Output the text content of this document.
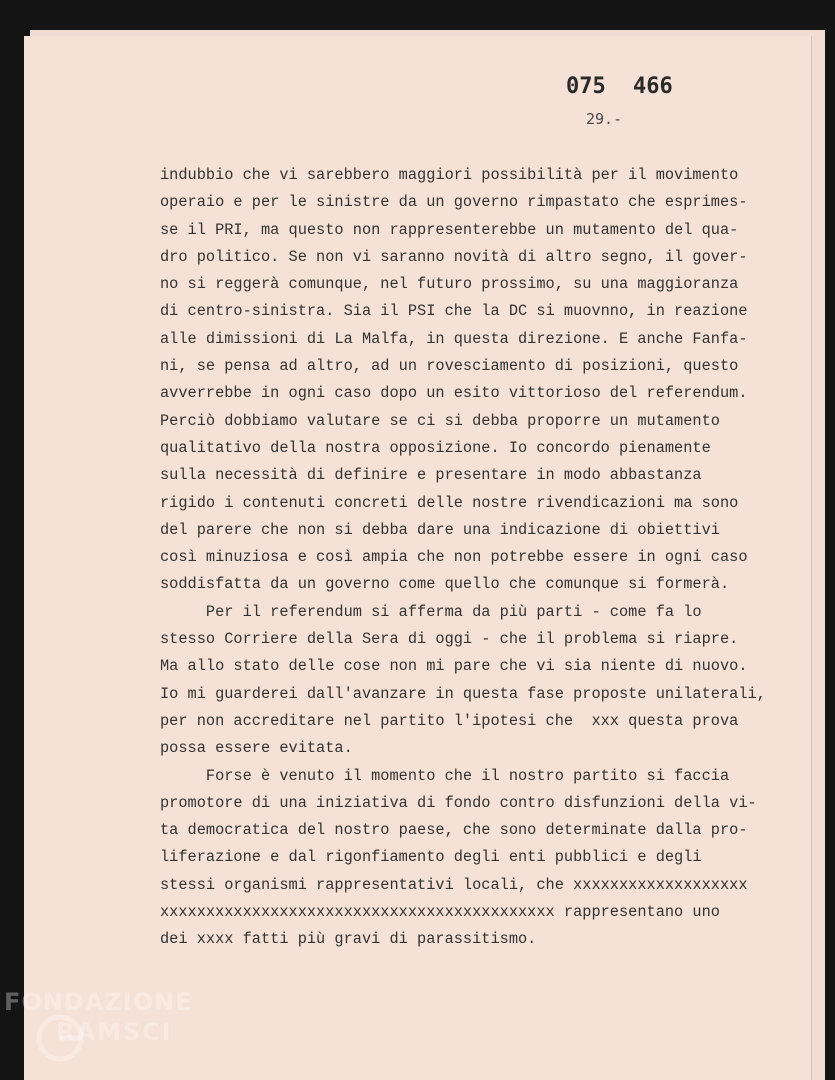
075 466

29.-

indubbio che vi sarebbero maggiori possibilità per il movimento
operaio e per le sinistre da un governo rimpastato che esprimes-
se il PRI, ma questo non rappresenterebbe un mutamento del qua-
dro politico. Se non vi saranno novità di altro segno, il gover-
no si reggerà comunque, nel futuro prossimo, su una maggioranza
di centro-sinistra. Sia il PSI che la DC si muovnno, in reazione
alle dimissioni di La Malfa, in questa direzione. E anche Fanfa-
ni, se pensa ad altro, ad un rovesciamento di posizioni, questo
avverrebbe in ogni caso dopo un esito vittorioso del referendum.
Perciò dobbiamo valutare se ci si debba proporre un mutamento
qualitativo della nostra opposizione. Io concordo pienamente
sulla necessità di definire e presentare in modo abbastanza
rigido i contenuti concreti delle nostre rivendicazioni ma sono
del parere che non si debba dare una indicazione di obiettivi
così minuziosa e così ampia che non potrebbe essere in ogni caso
soddisfatta da un governo come quello che comunque si formerà.
Per il referendum si afferma da più parti - come fa lo
stesso Corriere della Sera di oggi - che il problema si riapre.
Ma allo stato delle cose non mi pare che vi sia niente di nuovo.
Io mi guarderei dall'avanzare in questa fase proposte unilaterali,
per non accreditare nel partito l'ipotesi che  xxx questa prova
possa essere evitata.
Forse è venuto il momento che il nostro partito si faccia
promotore di una iniziativa di fondo contro disfunzioni della vi-
ta democratica del nostro paese, che sono determinate dalla pro-
liferazione e dal rigonfiamento degli enti pubblici e degli
stessi organismi rappresentativi locali, che xxxxxxxxxxxxxxxxxxx
xxxxxxxxxxxxxxxxxxxxxxxxxxxxxxxxxxxxxxxxxxx rappresentano uno
dei xxxx fatti più gravi di parassitismo.
FONDAZIONE
RAMSCI
